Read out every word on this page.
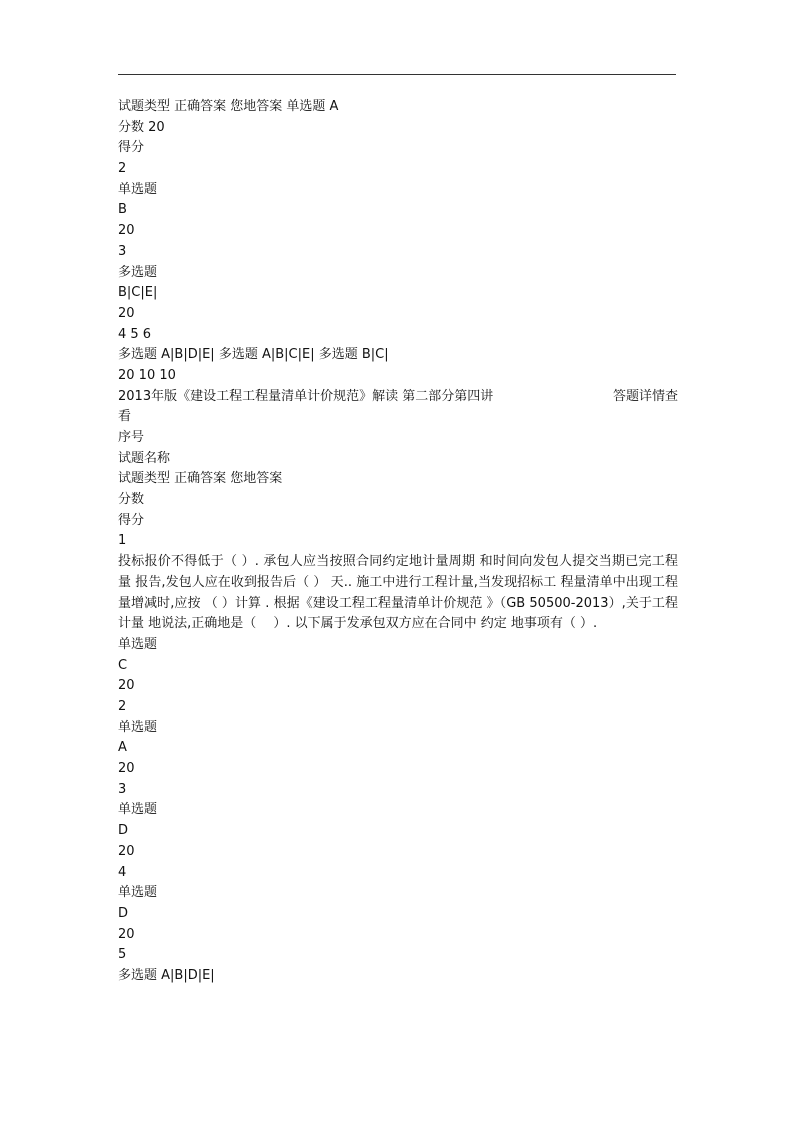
试题类型 正确答案 您地答案 单选题 A
分数 20
得分
2
单选题
B
20
3
多选题
B|C|E|
20
4 5 6
多选题 A|B|D|E| 多选题 A|B|C|E| 多选题 B|C|
20 10 10
2013年版《建设工程工程量清单计价规范》解读 第二部分第四讲	答题详情查
看
序号
试题名称
试题类型 正确答案 您地答案
分数
得分
1
投标报价不得低于（ ）. 承包人应当按照合同约定地计量周期 和时间向发包人提交当期已完工程量 报告,发包人应在收到报告后（ ） 天.. 施工中进行工程计量,当发现招标工 程量清单中出现工程量增减时,应按 （ ）计算 . 根据《建设工程工程量清单计价规范 》（GB 50500-2013）,关于工程计量 地说法,正确地是（　 ）. 以下属于发承包双方应在合同中 约定 地事项有（ ）.
单选题
C
20
2
单选题
A
20
3
单选题
D
20
4
单选题
D
20
5
多选题 A|B|D|E|
